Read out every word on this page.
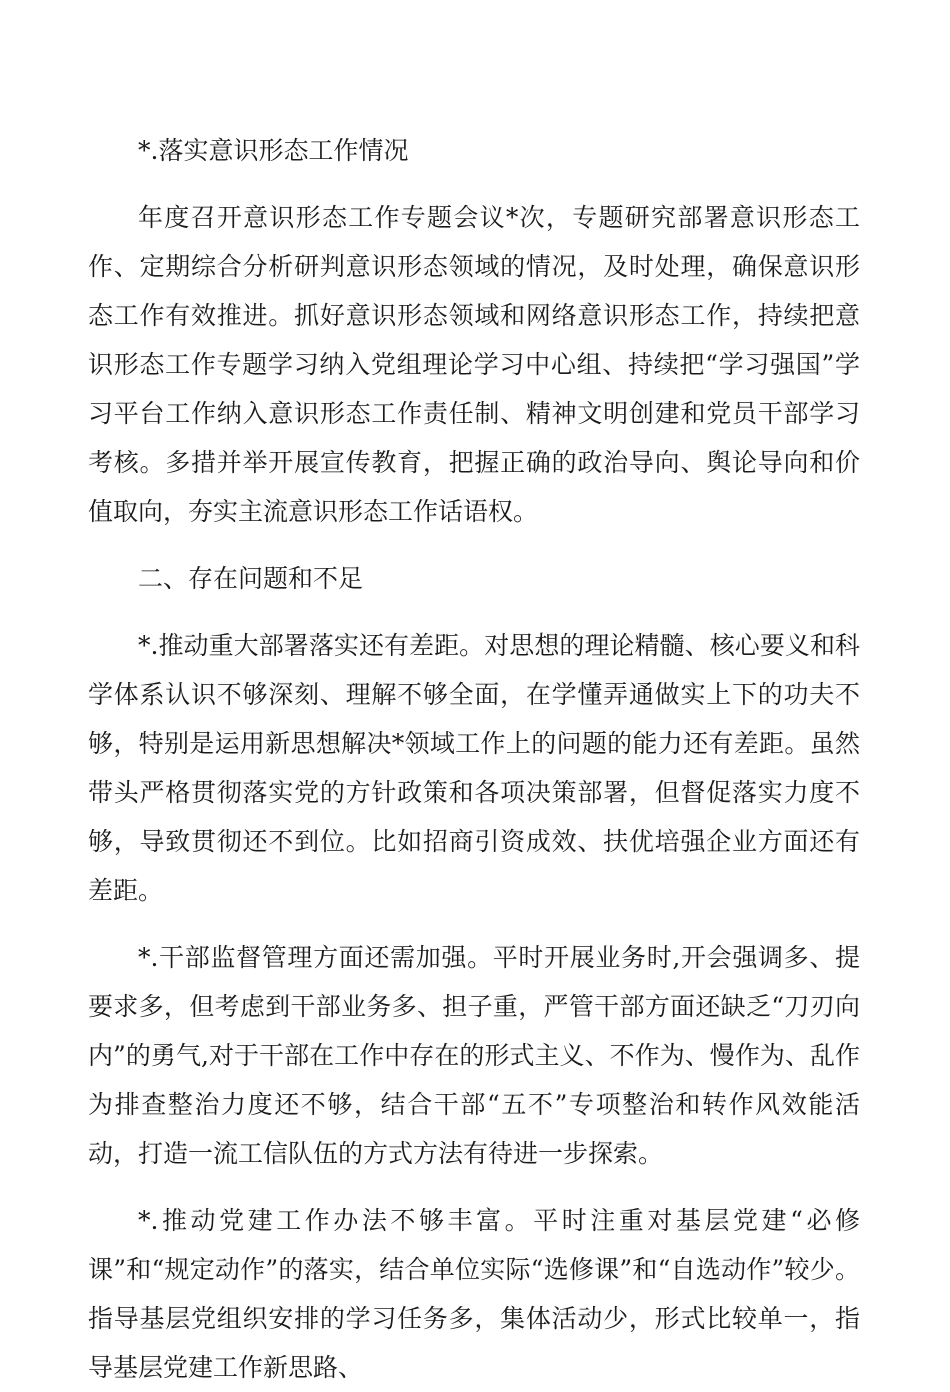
*.落实意识形态工作情况

年度召开意识形态工作专题会议*次，专题研究部署意识形态工作、定期综合分析研判意识形态领域的情况，及时处理，确保意识形态工作有效推进。抓好意识形态领域和网络意识形态工作，持续把意识形态工作专题学习纳入党组理论学习中心组、持续把“学习强国”学习平台工作纳入意识形态工作责任制、精神文明创建和党员干部学习考核。多措并举开展宣传教育，把握正确的政治导向、舆论导向和价值取向，夯实主流意识形态工作话语权。

二、存在问题和不足

*.推动重大部署落实还有差距。对思想的理论精髓、核心要义和科学体系认识不够深刻、理解不够全面，在学懂弄通做实上下的功夫不够，特别是运用新思想解决*领域工作上的问题的能力还有差距。虽然带头严格贯彻落实党的方针政策和各项决策部署，但督促落实力度不够，导致贯彻还不到位。比如招商引资成效、扶优培强企业方面还有差距。

*.干部监督管理方面还需加强。平时开展业务时,开会强调多、提要求多，但考虑到干部业务多、担子重，严管干部方面还缺乏“刀刃向内”的勇气,对于干部在工作中存在的形式主义、不作为、慢作为、乱作为排查整治力度还不够，结合干部“五不”专项整治和转作风效能活动，打造一流工信队伍的方式方法有待进一步探索。

*.推动党建工作办法不够丰富。平时注重对基层党建“必修课”和“规定动作”的落实，结合单位实际“选修课”和“自选动作”较少。指导基层党组织安排的学习任务多，集体活动少，形式比较单一，指导基层党建工作新思路、
